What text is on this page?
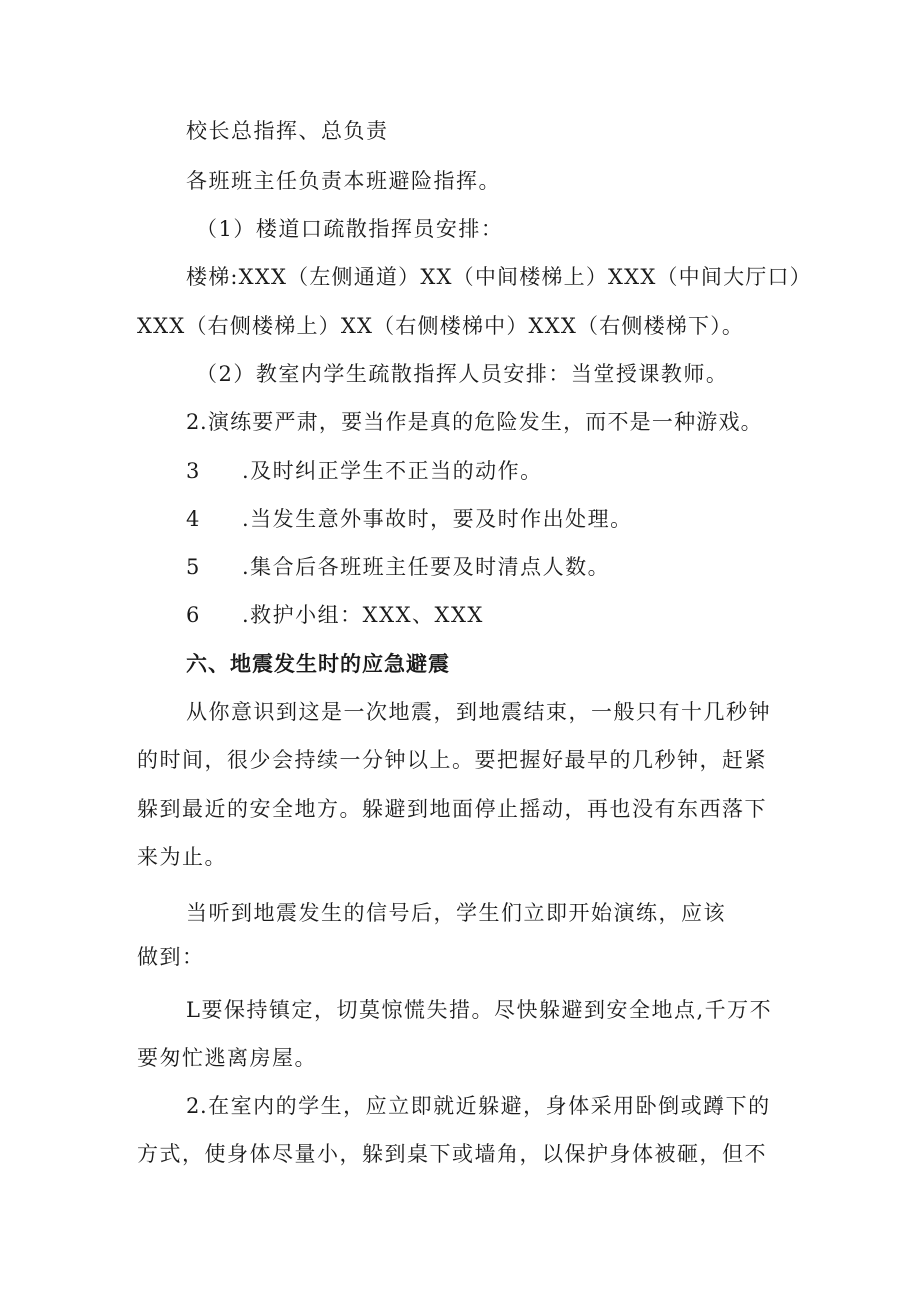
校长总指挥、总负责
各班班主任负责本班避险指挥。
（1）楼道口疏散指挥员安排：
楼梯:XXX（左侧通道）XX（中间楼梯上）XXX（中间大厅口）
XXX（右侧楼梯上）XX（右侧楼梯中）XXX（右侧楼梯下）。
（2）教室内学生疏散指挥人员安排：当堂授课教师。
2.演练要严肃，要当作是真的危险发生，而不是一种游戏。
3 .及时纠正学生不正当的动作。
4 .当发生意外事故时，要及时作出处理。
5 .集合后各班班主任要及时清点人数。
6 .救护小组：XXX、XXX
六、地震发生时的应急避震
从你意识到这是一次地震，到地震结束，一般只有十几秒钟
的时间，很少会持续一分钟以上。要把握好最早的几秒钟，赶紧
躲到最近的安全地方。躲避到地面停止摇动，再也没有东西落下
来为止。
当听到地震发生的信号后，学生们立即开始演练，应该
做到：
L要保持镇定，切莫惊慌失措。尽快躲避到安全地点,千万不
要匆忙逃离房屋。
2.在室内的学生，应立即就近躲避，身体采用卧倒或蹲下的
方式，使身体尽量小，躲到桌下或墙角，以保护身体被砸，但不
